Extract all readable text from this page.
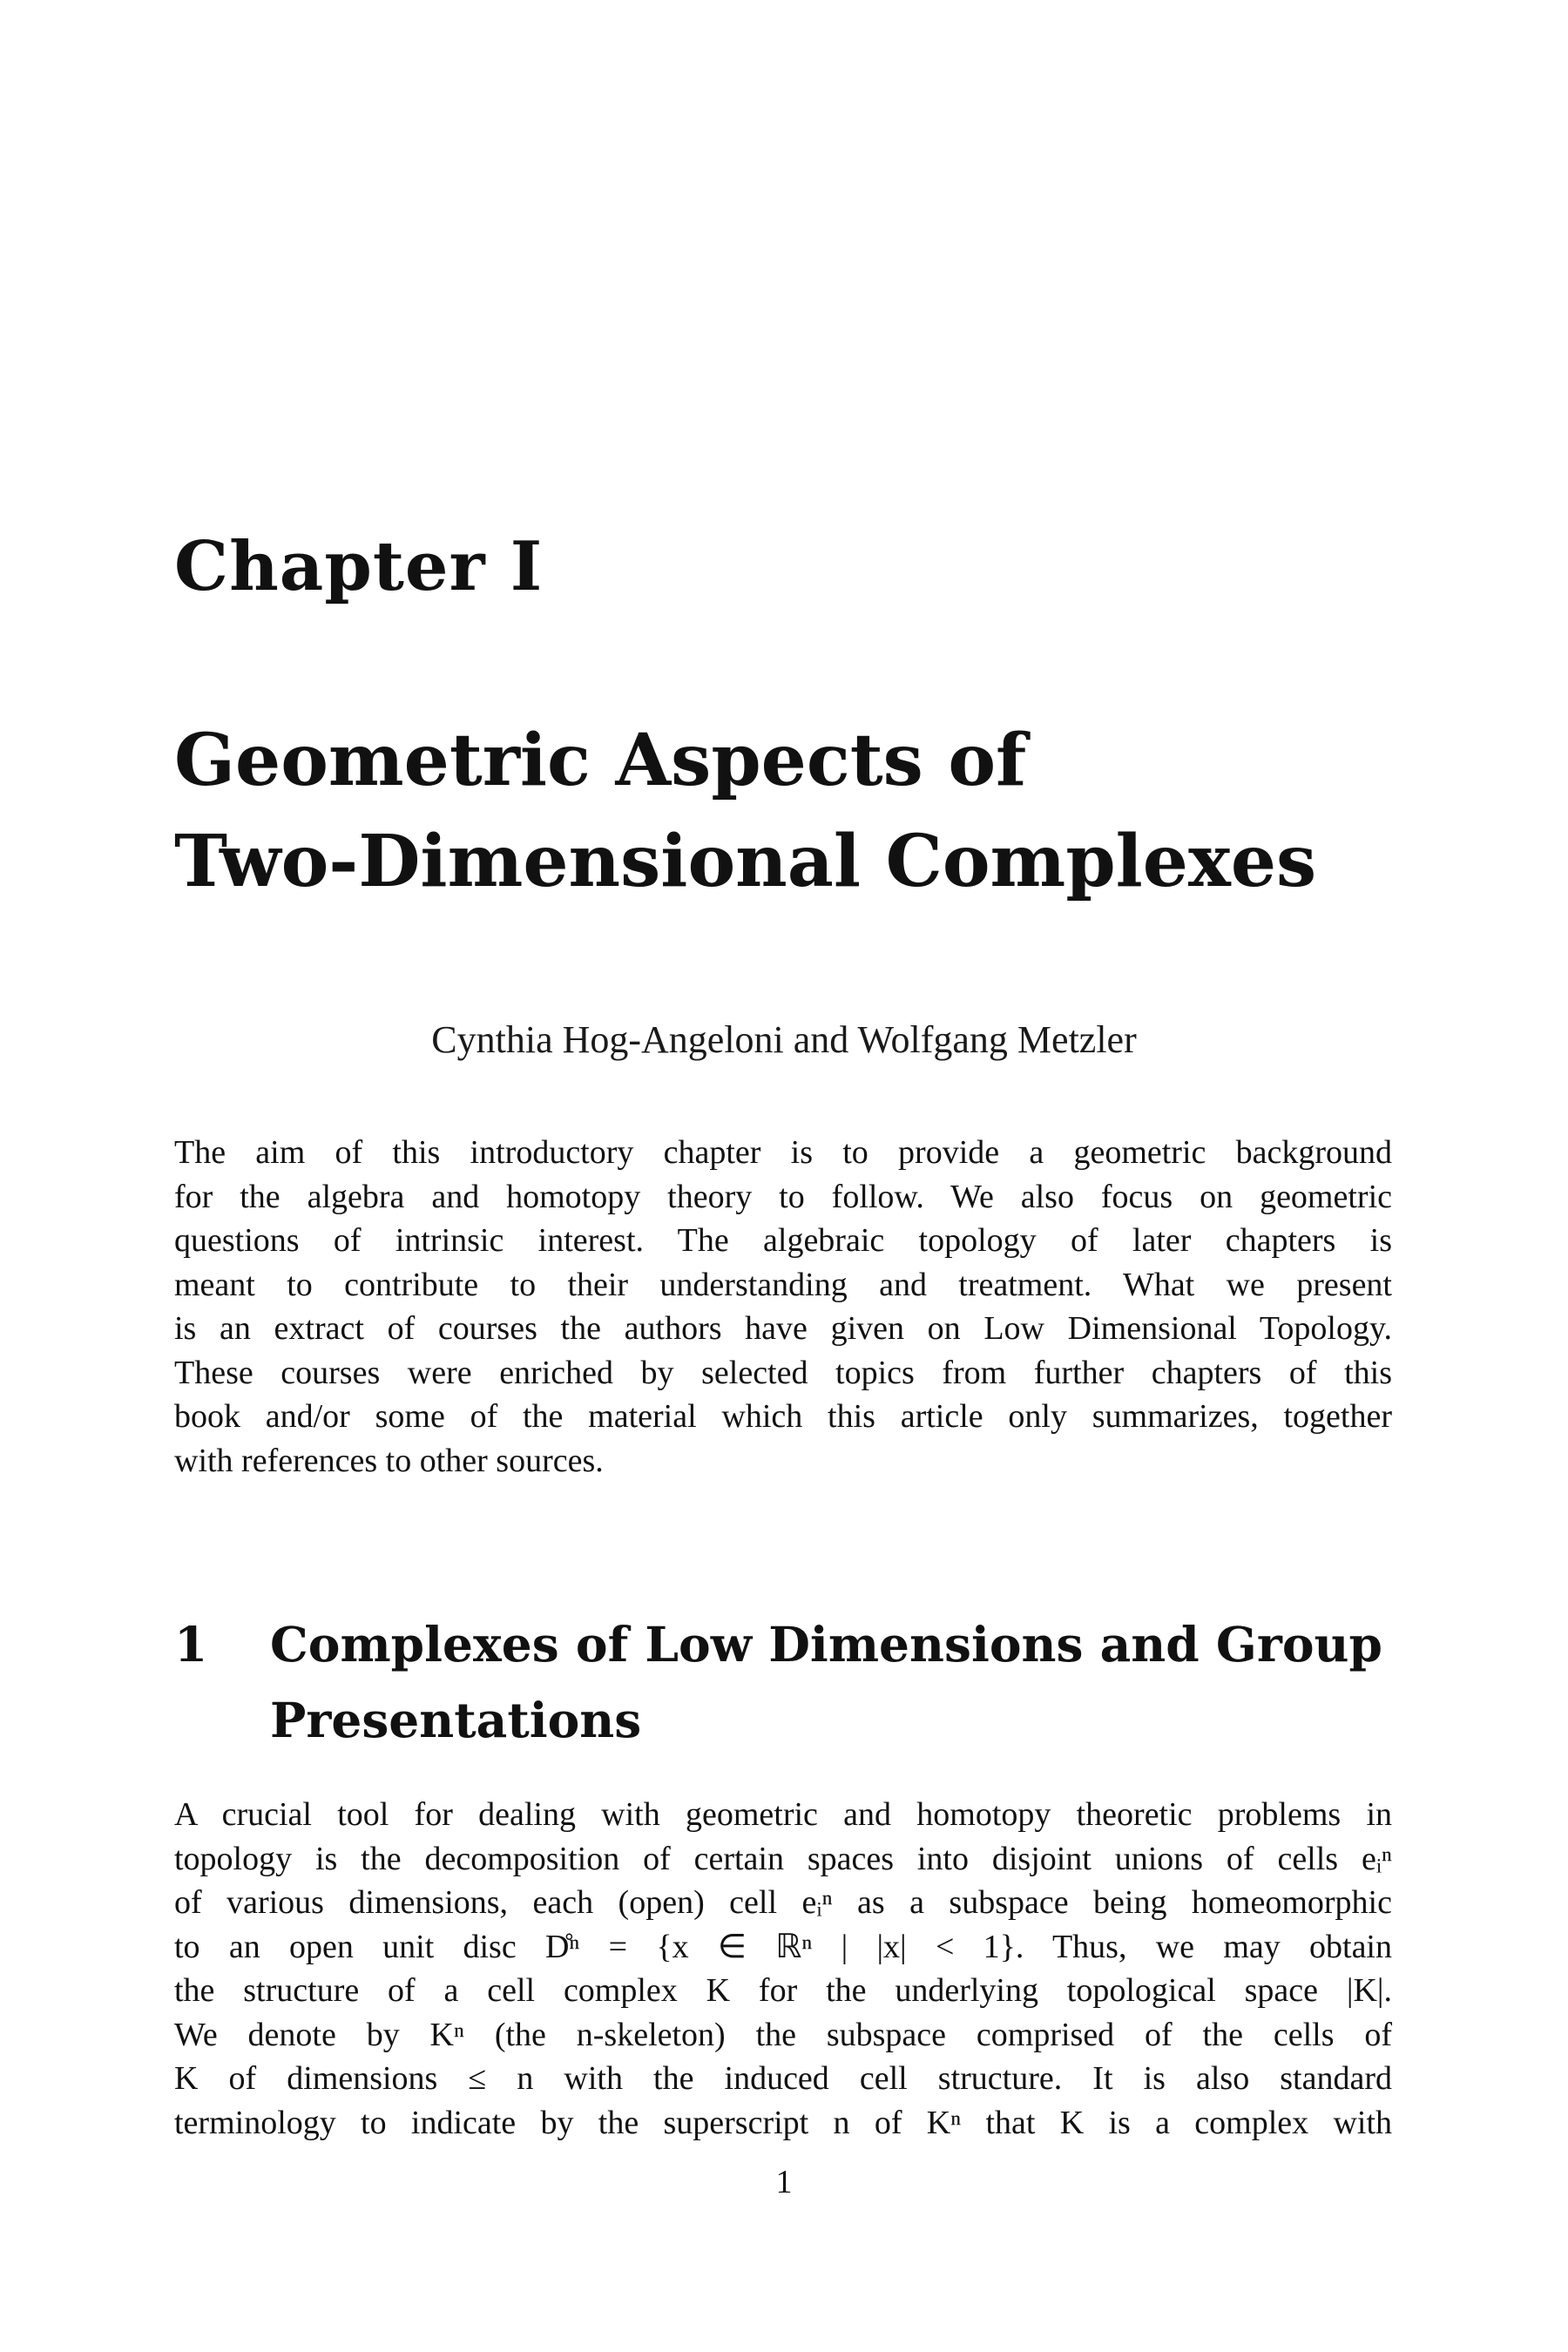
Chapter I
Geometric Aspects of
Two-Dimensional Complexes
Cynthia Hog-Angeloni and Wolfgang Metzler
The aim of this introductory chapter is to provide a geometric background
for the algebra and homotopy theory to follow. We also focus on geometric
questions of intrinsic interest. The algebraic topology of later chapters is
meant to contribute to their understanding and treatment. What we present
is an extract of courses the authors have given on Low Dimensional Topology.
These courses were enriched by selected topics from further chapters of this
book and/or some of the material which this article only summarizes, together
with references to other sources.
1	Complexes of Low Dimensions and Group Presentations
A crucial tool for dealing with geometric and homotopy theoretic problems in
topology is the decomposition of certain spaces into disjoint unions of cells eᵢⁿ
of various dimensions, each (open) cell eᵢⁿ as a subspace being homeomorphic
to an open unit disc D̊ⁿ = {x ∈ ℝⁿ | |x| < 1}. Thus, we may obtain
the structure of a cell complex K for the underlying topological space |K|.
We denote by Kⁿ (the n-skeleton) the subspace comprised of the cells of
K of dimensions ≤ n with the induced cell structure. It is also standard
terminology to indicate by the superscript n of Kⁿ that K is a complex with
1
